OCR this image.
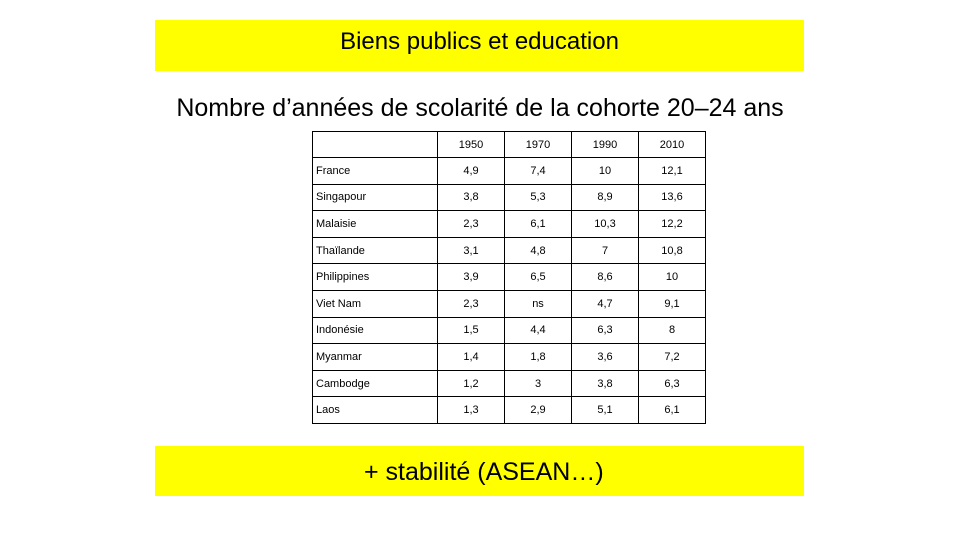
Biens publics et education
Nombre d’années de scolarité de la cohorte 20–24 ans
	1950	1970	1990	2010
France	4,9	7,4	10	12,1
Singapour	3,8	5,3	8,9	13,6
Malaisie	2,3	6,1	10,3	12,2
Thaïlande	3,1	4,8	7	10,8
Philippines	3,9	6,5	8,6	10
Viet Nam	2,3	ns	4,7	9,1
Indonésie	1,5	4,4	6,3	8
Myanmar	1,4	1,8	3,6	7,2
Cambodge	1,2	3	3,8	6,3
Laos	1,3	2,9	5,1	6,1
+ stabilité (ASEAN…)
